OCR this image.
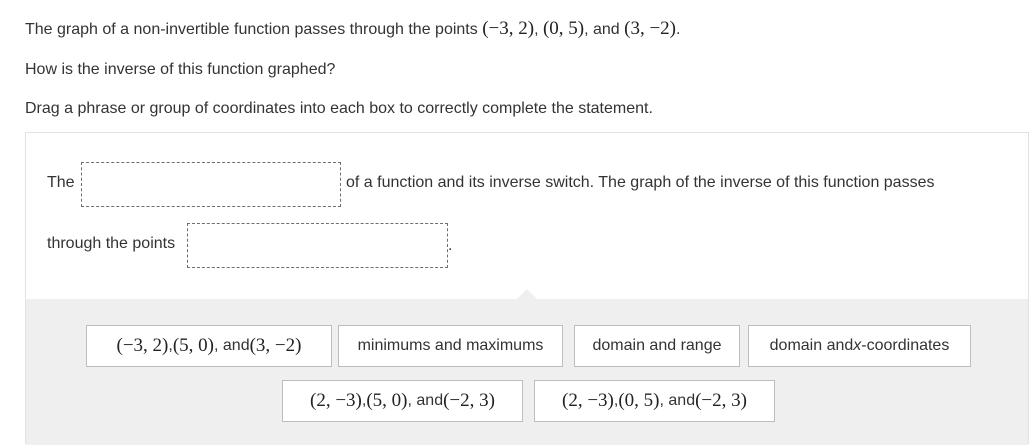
The graph of a non-invertible function passes through the points (−3, 2), (0, 5), and (3, −2).

How is the inverse of this function graphed?

Drag a phrase or group of coordinates into each box to correctly complete the statement.

The	of a function and its inverse switch. The graph of the inverse of this function passes
through the points	.
(−3, 2) , (5, 0) , and (3, −2)	minimums and maximums	domain and range	domain and x -coordinates
(2, −3) , (5, 0) , and (−2, 3)	(2, −3) , (0, 5) , and (−2, 3)
